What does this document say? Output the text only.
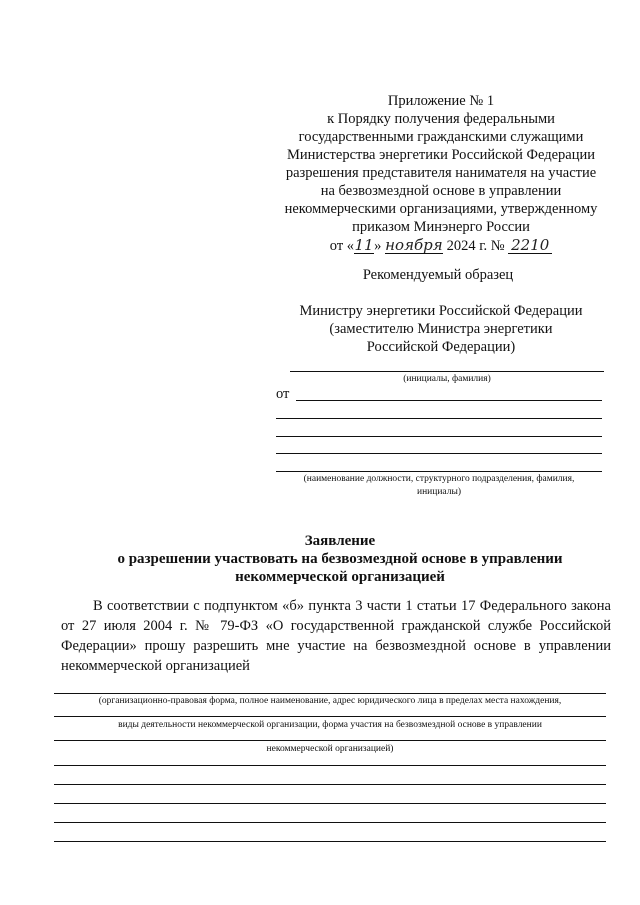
Приложение № 1
к Порядку получения федеральными
государственными гражданскими служащими
Министерства энергетики Российской Федерации
разрешения представителя нанимателя на участие
на безвозмездной основе в управлении
некоммерческими организациями, утвержденному
приказом Минэнерго России
от «11» ноября 2024 г. № 2210
Рекомендуемый образец
Министру энергетики Российской Федерации
(заместителю Министра энергетики
Российской Федерации)
(инициалы, фамилия)
от
(наименование должности, структурного подразделения, фамилия,
инициалы)
Заявление
о разрешении участвовать на безвозмездной основе в управлении
некоммерческой организацией
В соответствии с подпунктом «б» пункта 3 части 1 статьи 17 Федерального закона от 27 июля 2004 г. № 79-ФЗ «О государственной гражданской службе Российской Федерации» прошу разрешить мне участие на безвозмездной основе в управлении некоммерческой организацией
(организационно-правовая форма, полное наименование, адрес юридического лица в пределах места нахождения,
виды деятельности некоммерческой организации, форма участия на безвозмездной основе в управлении
некоммерческой организацией)
